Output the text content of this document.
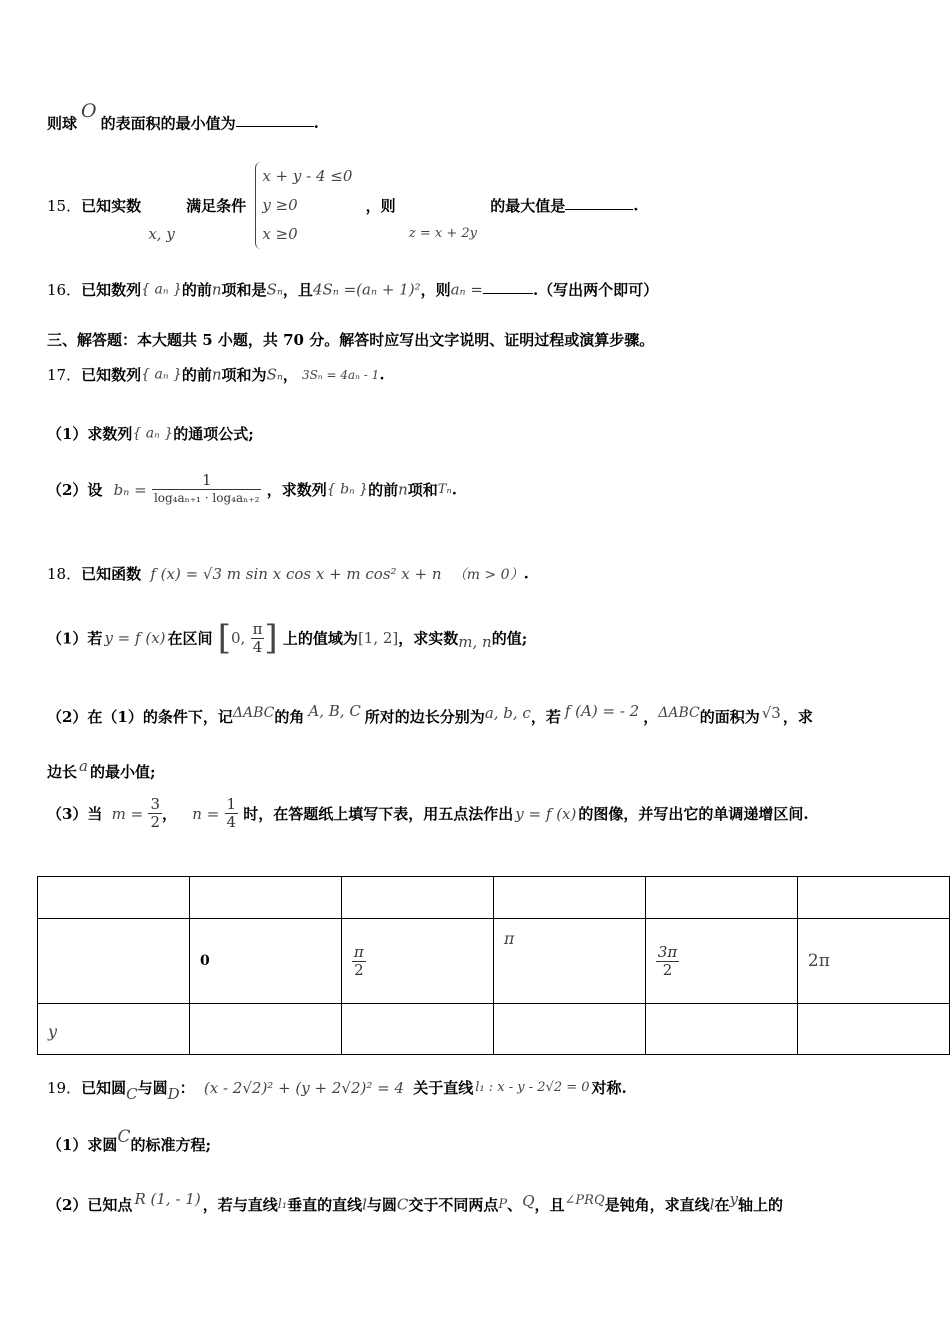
则球O的表面积的最小值为	.
15．已知实数 x, y 满足条件
x + y - 4 ≤0
y ≥0
x ≥0
，则 z = x + 2y 的最大值是	.
16．已知数列{ aₙ }的前n项和是Sₙ，且4Sₙ =(aₙ + 1)²，则aₙ =	.（写出两个即可）
三、解答题：本大题共 5 小题，共 70 分。解答时应写出文字说明、证明过程或演算步骤。
17．已知数列{ aₙ }的前n项和为Sₙ， 3Sₙ = 4aₙ - 1.
（1）求数列{ aₙ }的通项公式;
（2）设 $b_n = \frac{1}{\text{log₄aₙ₊₁ · log₄aₙ₊₂}}$ ，求数列{ bₙ }的前n项和Tₙ.
18．已知函数 f (x) = √3 m sin x cos x + m cos² x + n （m > 0）.
（1）若 y = f (x) 在区间 [0, $\frac{\pi}{4}$ ] 上的值域为[1, 2]，求实数m, n的值;
（2）在（1）的条件下，记ΔABC的角 A, B, C 所对的边长分别为a, b, c，若 f (A) = - 2 ，ΔABC的面积为 √3 ，求
边长 a 的最小值;
（3）当 $m = \frac{3}{2}$ ， $n = \frac{1}{4}$ 时，在答题纸上填写下表，用五点法作出 y = f (x) 的图像，并写出它的单调递增区间.

	0	$\frac{\pi}{2}$	π	$\frac{3\pi}{2}$	2π
y					
19．已知圆C与圆D： (x - 2√2)² + (y + 2√2)² = 4 关于直线 l₁ : x - y - 2√2 = 0 对称.
（1）求圆C的标准方程;
（2）已知点 R (1, - 1) ，若与直线l₁垂直的直线l与圆C交于不同两点P、Q，且∠PRQ是钝角，求直线l在y轴上的
